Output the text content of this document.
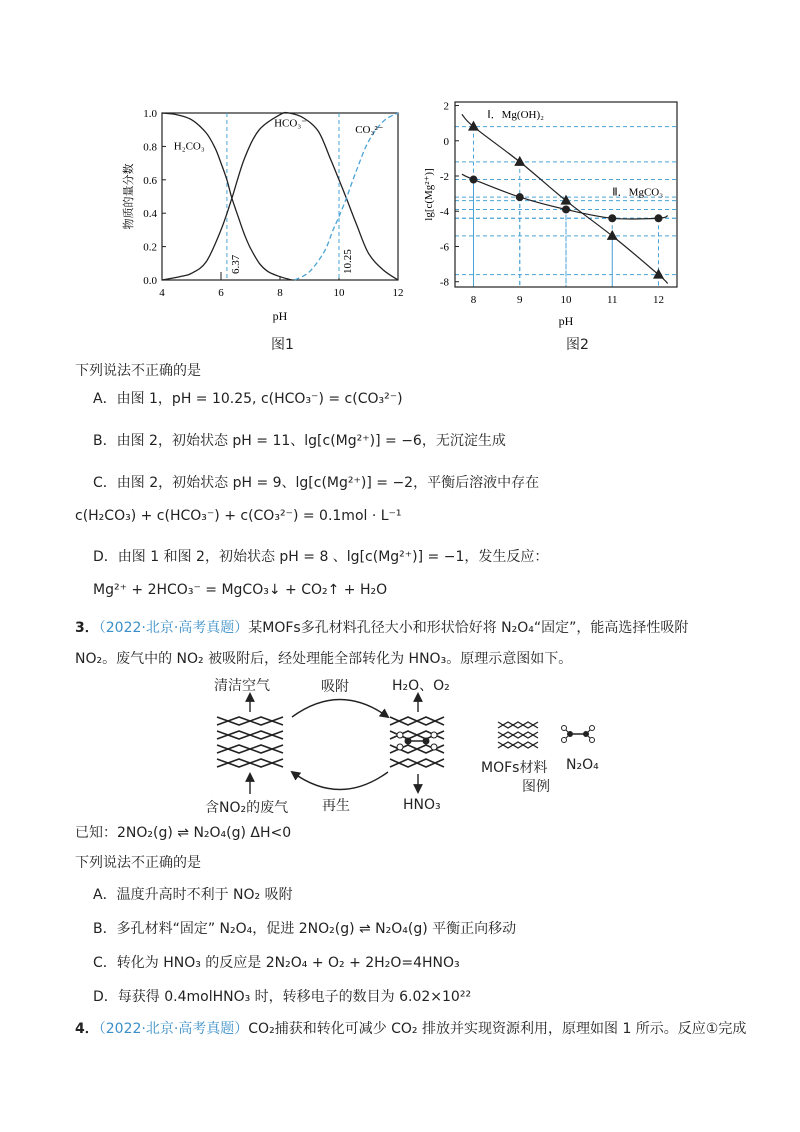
4	6	8	10	12
0.0
0.2
0.4
0.6
0.8
1.0
6.37	10.25
H₂CO₃
HCO₃⁻
CO₃²⁻
pH
物质的量分数
图1
8	9	10	11	12
2
0
-2
-4
-6
-8
Ⅰ．Mg(OH)₂
Ⅱ．MgCO₃
pH
lg[c(Mg²⁺)]
图2
下列说法不正确的是
A．由图 1，pH = 10.25, c(HCO₃⁻) = c(CO₃²⁻)
B．由图 2，初始状态 pH = 11、lg[c(Mg²⁺)] = −6，无沉淀生成
C．由图 2，初始状态 pH = 9、lg[c(Mg²⁺)] = −2，平衡后溶液中存在
c(H₂CO₃) + c(HCO₃⁻) + c(CO₃²⁻) = 0.1mol · L⁻¹
D．由图 1 和图 2，初始状态 pH = 8 、lg[c(Mg²⁺)] = −1，发生反应：
Mg²⁺ + 2HCO₃⁻ = MgCO₃↓ + CO₂↑ + H₂O
3．（2022·北京·高考真题）某MOFs多孔材料孔径大小和形状恰好将 N₂O₄“固定”，能高选择性吸附
NO₂。废气中的 NO₂ 被吸附后，经处理能全部转化为 HNO₃。原理示意图如下。
清洁空气	吸附	H₂O、O₂
含NO₂的废气 再生	HNO₃
MOFs材料 N₂O₄
图例
已知：2NO₂(g) ⇌ N₂O₄(g) ΔH<0
下列说法不正确的是
A．温度升高时不利于 NO₂ 吸附
B．多孔材料“固定” N₂O₄，促进 2NO₂(g) ⇌ N₂O₄(g) 平衡正向移动
C．转化为 HNO₃ 的反应是 2N₂O₄ + O₂ + 2H₂O=4HNO₃
D．每获得 0.4molHNO₃ 时，转移电子的数目为 6.02×10²²
4．（2022·北京·高考真题）CO₂捕获和转化可减少 CO₂ 排放并实现资源利用，原理如图 1 所示。反应①完成
